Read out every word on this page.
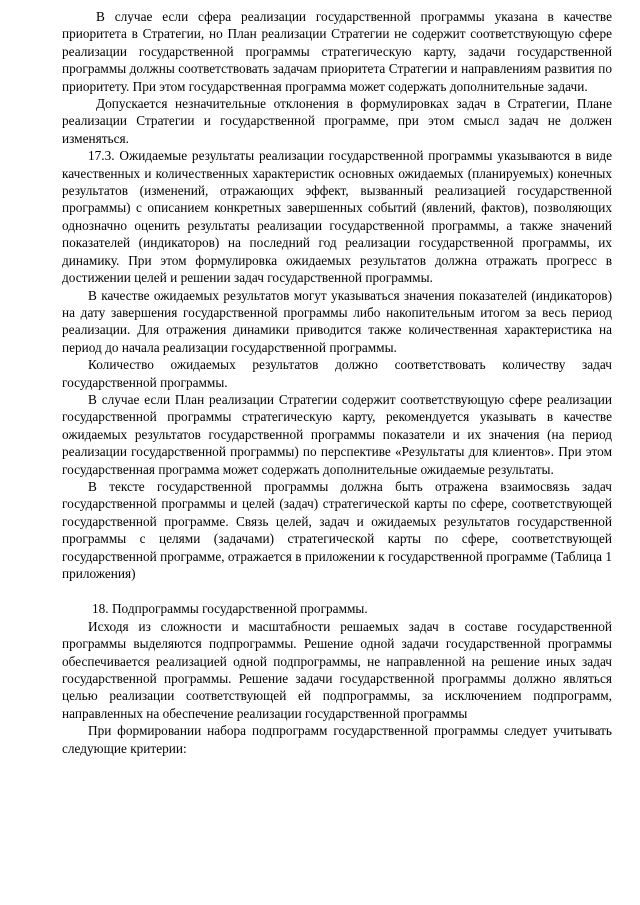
В случае если сфера реализации государственной программы указана в качестве приоритета в Стратегии, но План реализации Стратегии не содержит соответствующую сфере реализации государственной программы стратегическую карту, задачи государственной программы должны соответствовать задачам приоритета Стратегии и направлениям развития по приоритету. При этом государственная программа может содержать дополнительные задачи.

Допускается незначительные отклонения в формулировках задач в Стратегии, Плане реализации Стратегии и государственной программе, при этом смысл задач не должен изменяться.

17.3. Ожидаемые результаты реализации государственной программы указываются в виде качественных и количественных характеристик основных ожидаемых (планируемых) конечных результатов (изменений, отражающих эффект, вызванный реализацией государственной программы) с описанием конкретных завершенных событий (явлений, фактов), позволяющих однозначно оценить результаты реализации государственной программы, а также значений показателей (индикаторов) на последний год реализации государственной программы, их динамику. При этом формулировка ожидаемых результатов должна отражать прогресс в достижении целей и решении задач государственной программы.

В качестве ожидаемых результатов могут указываться значения показателей (индикаторов) на дату завершения государственной программы либо накопительным итогом за весь период реализации. Для отражения динамики приводится также количественная характеристика на период до начала реализации государственной программы.

Количество ожидаемых результатов должно соответствовать количеству задач государственной программы.

В случае если План реализации Стратегии содержит соответствующую сфере реализации государственной программы стратегическую карту, рекомендуется указывать в качестве ожидаемых результатов государственной программы показатели и их значения (на период реализации государственной программы) по перспективе «Результаты для клиентов». При этом государственная программа может содержать дополнительные ожидаемые результаты.

В тексте государственной программы должна быть отражена взаимосвязь задач государственной программы и целей (задач) стратегической карты по сфере, соответствующей государственной программе. Связь целей, задач и ожидаемых результатов государственной программы с целями (задачами) стратегической карты по сфере, соответствующей государственной программе, отражается в приложении к государственной программе (Таблица 1 приложения)

18. Подпрограммы государственной программы.

Исходя из сложности и масштабности решаемых задач в составе государственной программы выделяются подпрограммы. Решение одной задачи государственной программы обеспечивается реализацией одной подпрограммы, не направленной на решение иных задач государственной программы. Решение задачи государственной программы должно являться целью реализации соответствующей ей подпрограммы, за исключением подпрограмм, направленных на обеспечение реализации государственной программы

При формировании набора подпрограмм государственной программы следует учитывать следующие критерии:
